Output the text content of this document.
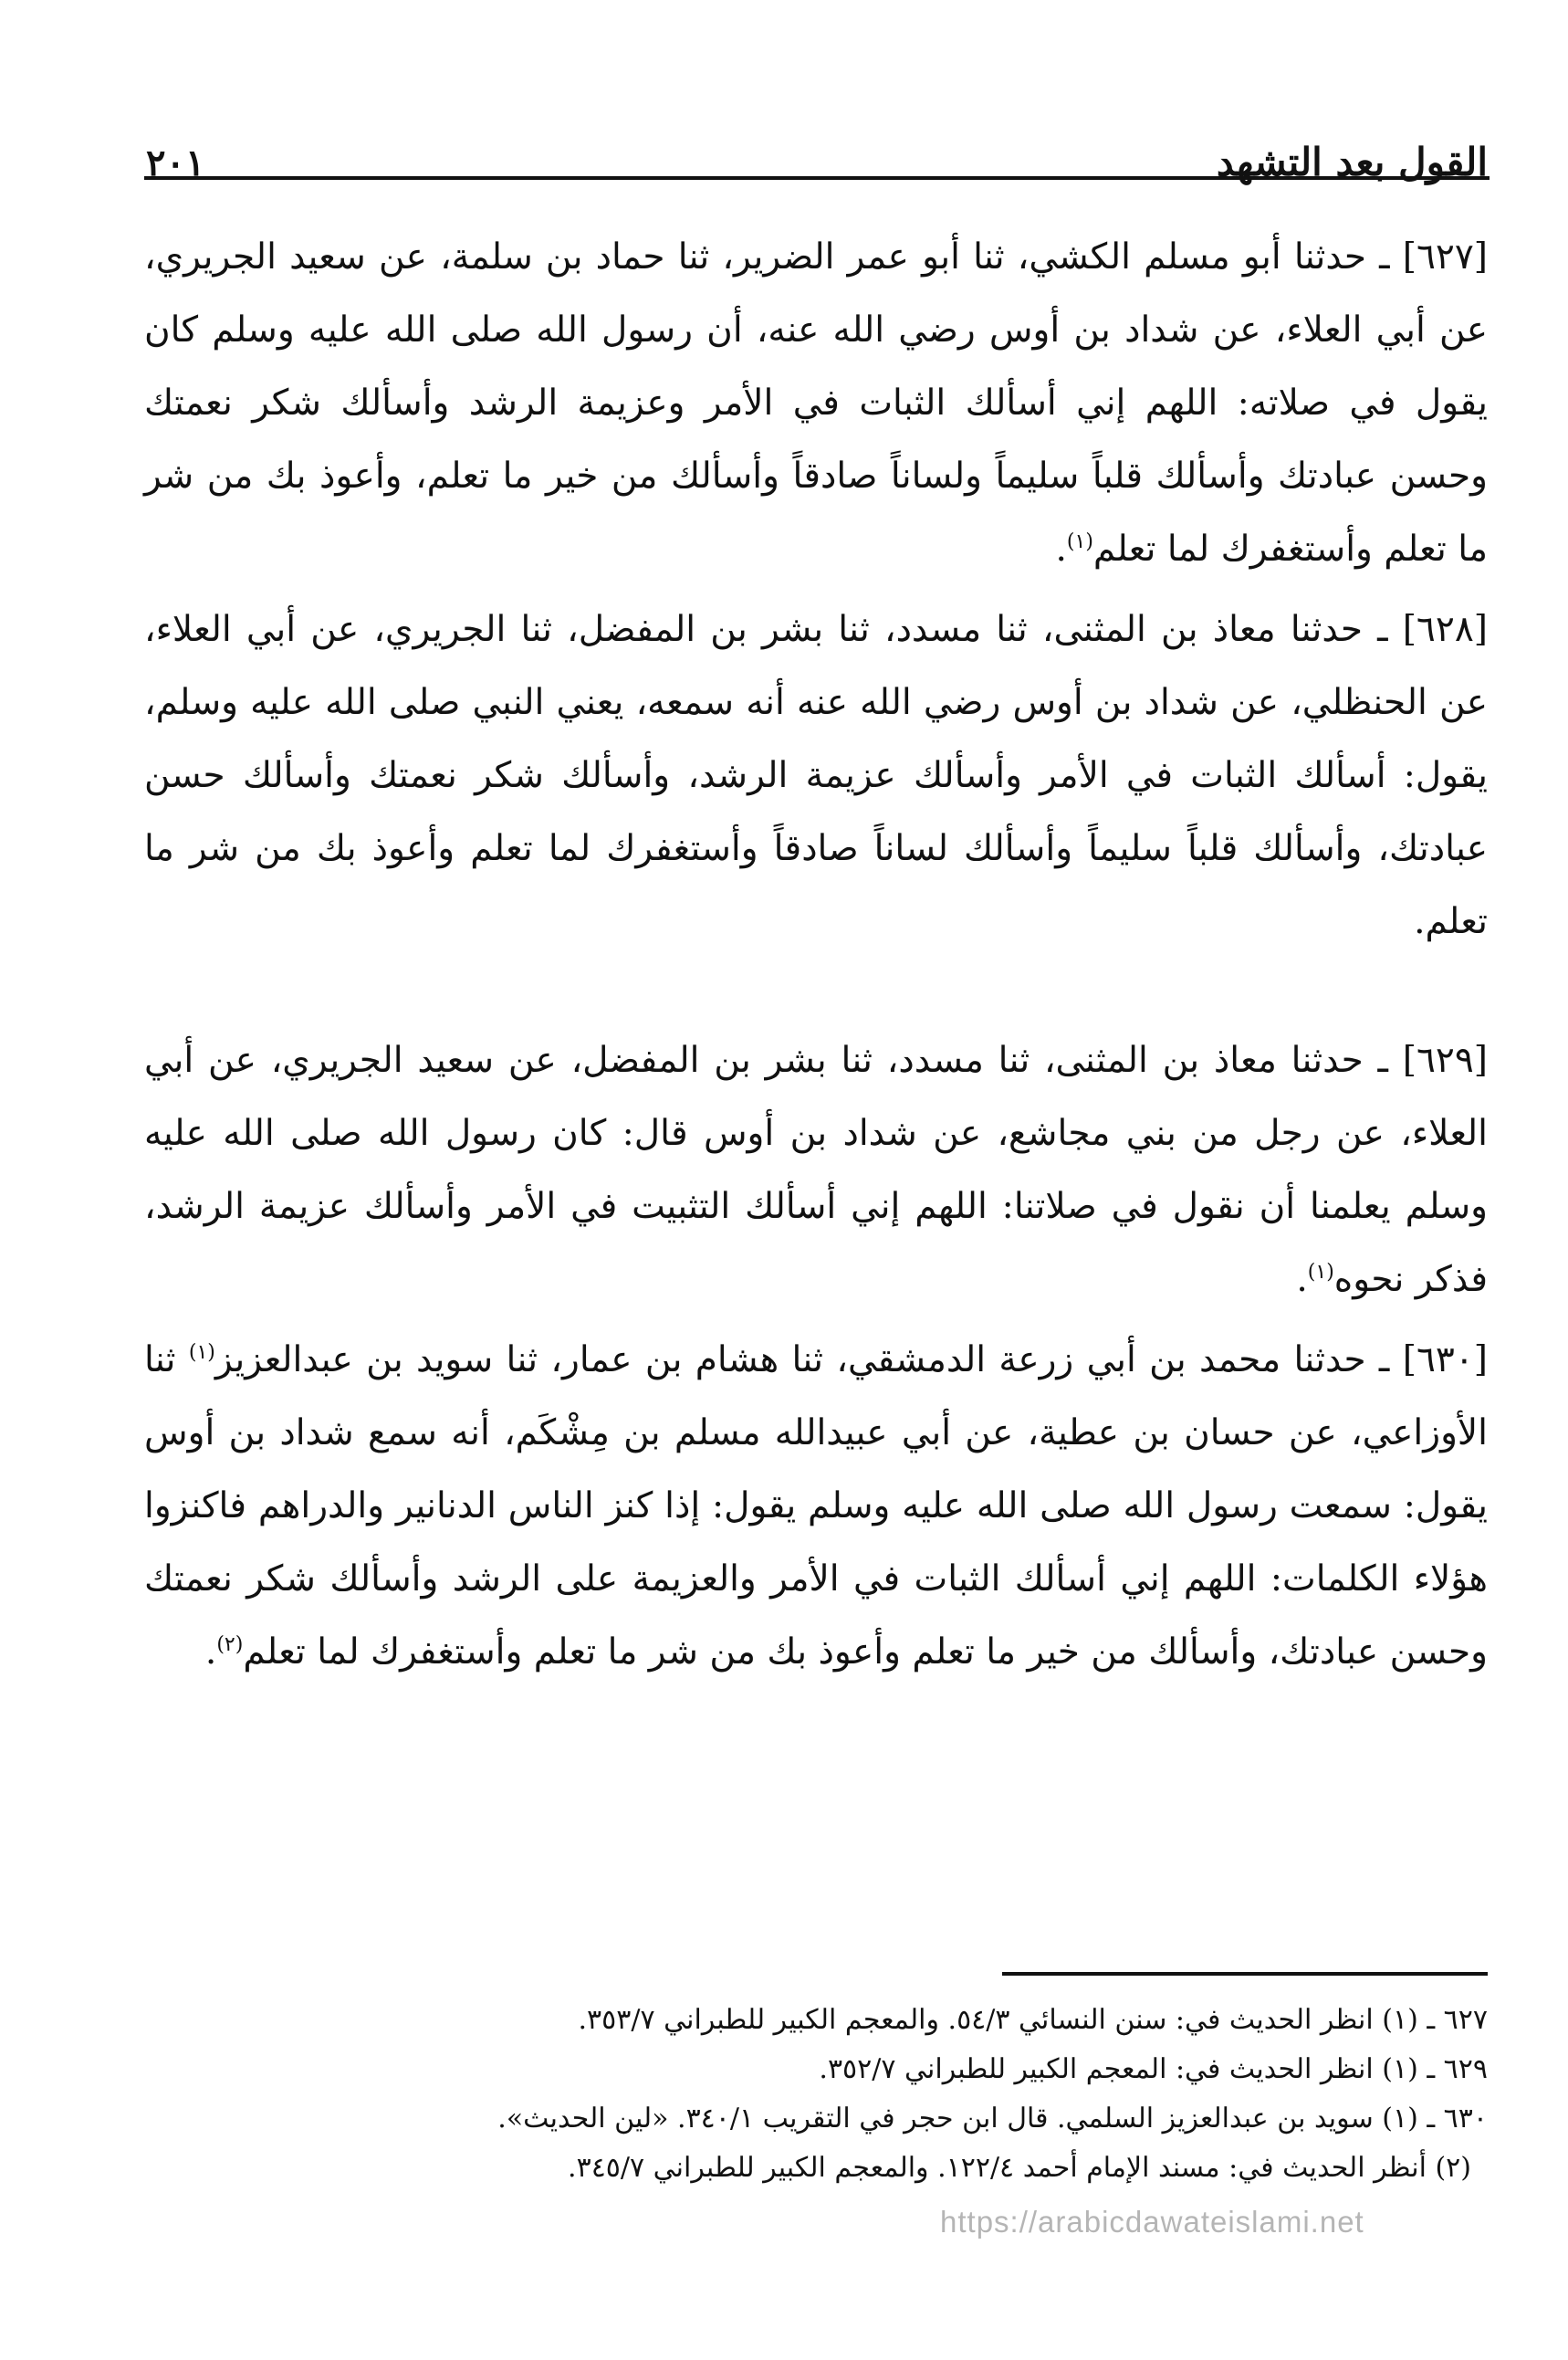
٢٠١	القول بعد التشهد

[٦٢٧] ـ حدثنا أبو مسلم الكشي، ثنا أبو عمر الضرير، ثنا حماد بن سلمة، عن سعيد الجريري، عن أبي العلاء، عن شداد بن أوس رضي الله عنه، أن رسول الله صلى الله عليه وسلم كان يقول في صلاته: اللهم إني أسألك الثبات في الأمر وعزيمة الرشد وأسألك شكر نعمتك وحسن عبادتك وأسألك قلباً سليماً ولساناً صادقاً وأسألك من خير ما تعلم، وأعوذ بك من شر ما تعلم وأستغفرك لما تعلم$^{(١)}$.

[٦٢٨] ـ حدثنا معاذ بن المثنى، ثنا مسدد، ثنا بشر بن المفضل، ثنا الجريري، عن أبي العلاء، عن الحنظلي، عن شداد بن أوس رضي الله عنه أنه سمعه، يعني النبي صلى الله عليه وسلم، يقول: أسألك الثبات في الأمر وأسألك عزيمة الرشد، وأسألك شكر نعمتك وأسألك حسن عبادتك، وأسألك قلباً سليماً وأسألك لساناً صادقاً وأستغفرك لما تعلم وأعوذ بك من شر ما تعلم.

[٦٢٩] ـ حدثنا معاذ بن المثنى، ثنا مسدد، ثنا بشر بن المفضل، عن سعيد الجريري، عن أبي العلاء، عن رجل من بني مجاشع، عن شداد بن أوس قال: كان رسول الله صلى الله عليه وسلم يعلمنا أن نقول في صلاتنا: اللهم إني أسألك التثبيت في الأمر وأسألك عزيمة الرشد، فذكر نحوه$^{(١)}$.

[٦٣٠] ـ حدثنا محمد بن أبي زرعة الدمشقي، ثنا هشام بن عمار، ثنا سويد بن عبدالعزيز$^{(١)}$ ثنا الأوزاعي، عن حسان بن عطية، عن أبي عبيدالله مسلم بن مِشْكَم، أنه سمع شداد بن أوس يقول: سمعت رسول الله صلى الله عليه وسلم يقول: إذا كنز الناس الدنانير والدراهم فاكنزوا هؤلاء الكلمات: اللهم إني أسألك الثبات في الأمر والعزيمة على الرشد وأسألك شكر نعمتك وحسن عبادتك، وأسألك من خير ما تعلم وأعوذ بك من شر ما تعلم وأستغفرك لما تعلم$^{(٢)}$.

٦٢٧ ـ (١) انظر الحديث في: سنن النسائي ٥٤/٣. والمعجم الكبير للطبراني ٣٥٣/٧.

٦٢٩ ـ (١) انظر الحديث في: المعجم الكبير للطبراني ٣٥٢/٧.

٦٣٠ ـ (١) سويد بن عبدالعزيز السلمي. قال ابن حجر في التقريب ٣٤٠/١. «لين الحديث».

(٢) أنظر الحديث في: مسند الإمام أحمد ١٢٢/٤. والمعجم الكبير للطبراني ٣٤٥/٧.

https://arabicdawateislami.net
